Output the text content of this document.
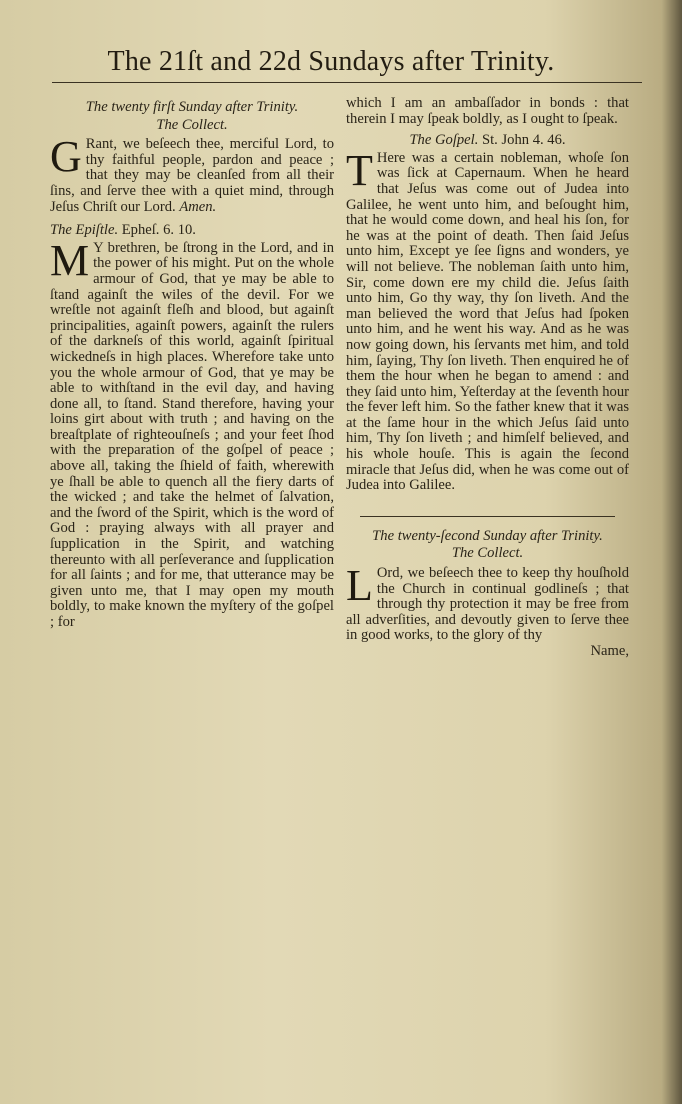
The 21ſt and 22d Sundays after Trinity.
The twenty firſt Sunday after Trinity.
The Collect.

G Rant, we beſeech thee, merciful Lord, to thy faithful people, pardon and peace ; that they may be cleanſed from all their ſins, and ſerve thee with a quiet mind, through Jeſus Chriſt our Lord. Amen.

The Epiſtle. Epheſ. 6. 10.

M Y brethren, be ſtrong in the Lord, and in the power of his might. Put on the whole armour of God, that ye may be able to ſtand againſt the wiles of the devil. For we wreſtle not againſt fleſh and blood, but againſt principalities, againſt powers, againſt the rulers of the darkneſs of this world, againſt ſpiritual wickedneſs in high places. Wherefore take unto you the whole armour of God, that ye may be able to withſtand in the evil day, and having done all, to ſtand. Stand therefore, having your loins girt about with truth ; and having on the breaſtplate of righteouſneſs ; and your feet ſhod with the preparation of the goſpel of peace ; above all, taking the ſhield of faith, wherewith ye ſhall be able to quench all the fiery darts of the wicked ; and take the helmet of ſalvation, and the ſword of the Spirit, which is the word of God : praying always with all prayer and ſupplication in the Spirit, and watching thereunto with all perſeverance and ſupplication for all ſaints ; and for me, that utterance may be given unto me, that I may open my mouth boldly, to make known the myſtery of the goſpel ; for

which I am an ambaſſador in bonds : that therein I may ſpeak boldly, as I ought to ſpeak.

The Goſpel. St. John 4. 46.

T Here was a certain nobleman, whoſe ſon was ſick at Capernaum. When he heard that Jeſus was come out of Judea into Galilee, he went unto him, and beſought him, that he would come down, and heal his ſon, for he was at the point of death. Then ſaid Jeſus unto him, Except ye ſee ſigns and wonders, ye will not believe. The nobleman ſaith unto him, Sir, come down ere my child die. Jeſus ſaith unto him, Go thy way, thy ſon liveth. And the man believed the word that Jeſus had ſpoken unto him, and he went his way. And as he was now going down, his ſervants met him, and told him, ſaying, Thy ſon liveth. Then enquired he of them the hour when he began to amend : and they ſaid unto him, Yeſterday at the ſeventh hour the fever left him. So the father knew that it was at the ſame hour in the which Jeſus ſaid unto him, Thy ſon liveth ; and himſelf believed, and his whole houſe. This is again the ſecond miracle that Jeſus did, when he was come out of Judea into Galilee.

The twenty-ſecond Sunday after Trinity.
The Collect.

L Ord, we beſeech thee to keep thy houſhold the Church in continual godlineſs ; that through thy protection it may be free from all adverſities, and devoutly given to ſerve thee in good works, to the glory of thy

Name,
